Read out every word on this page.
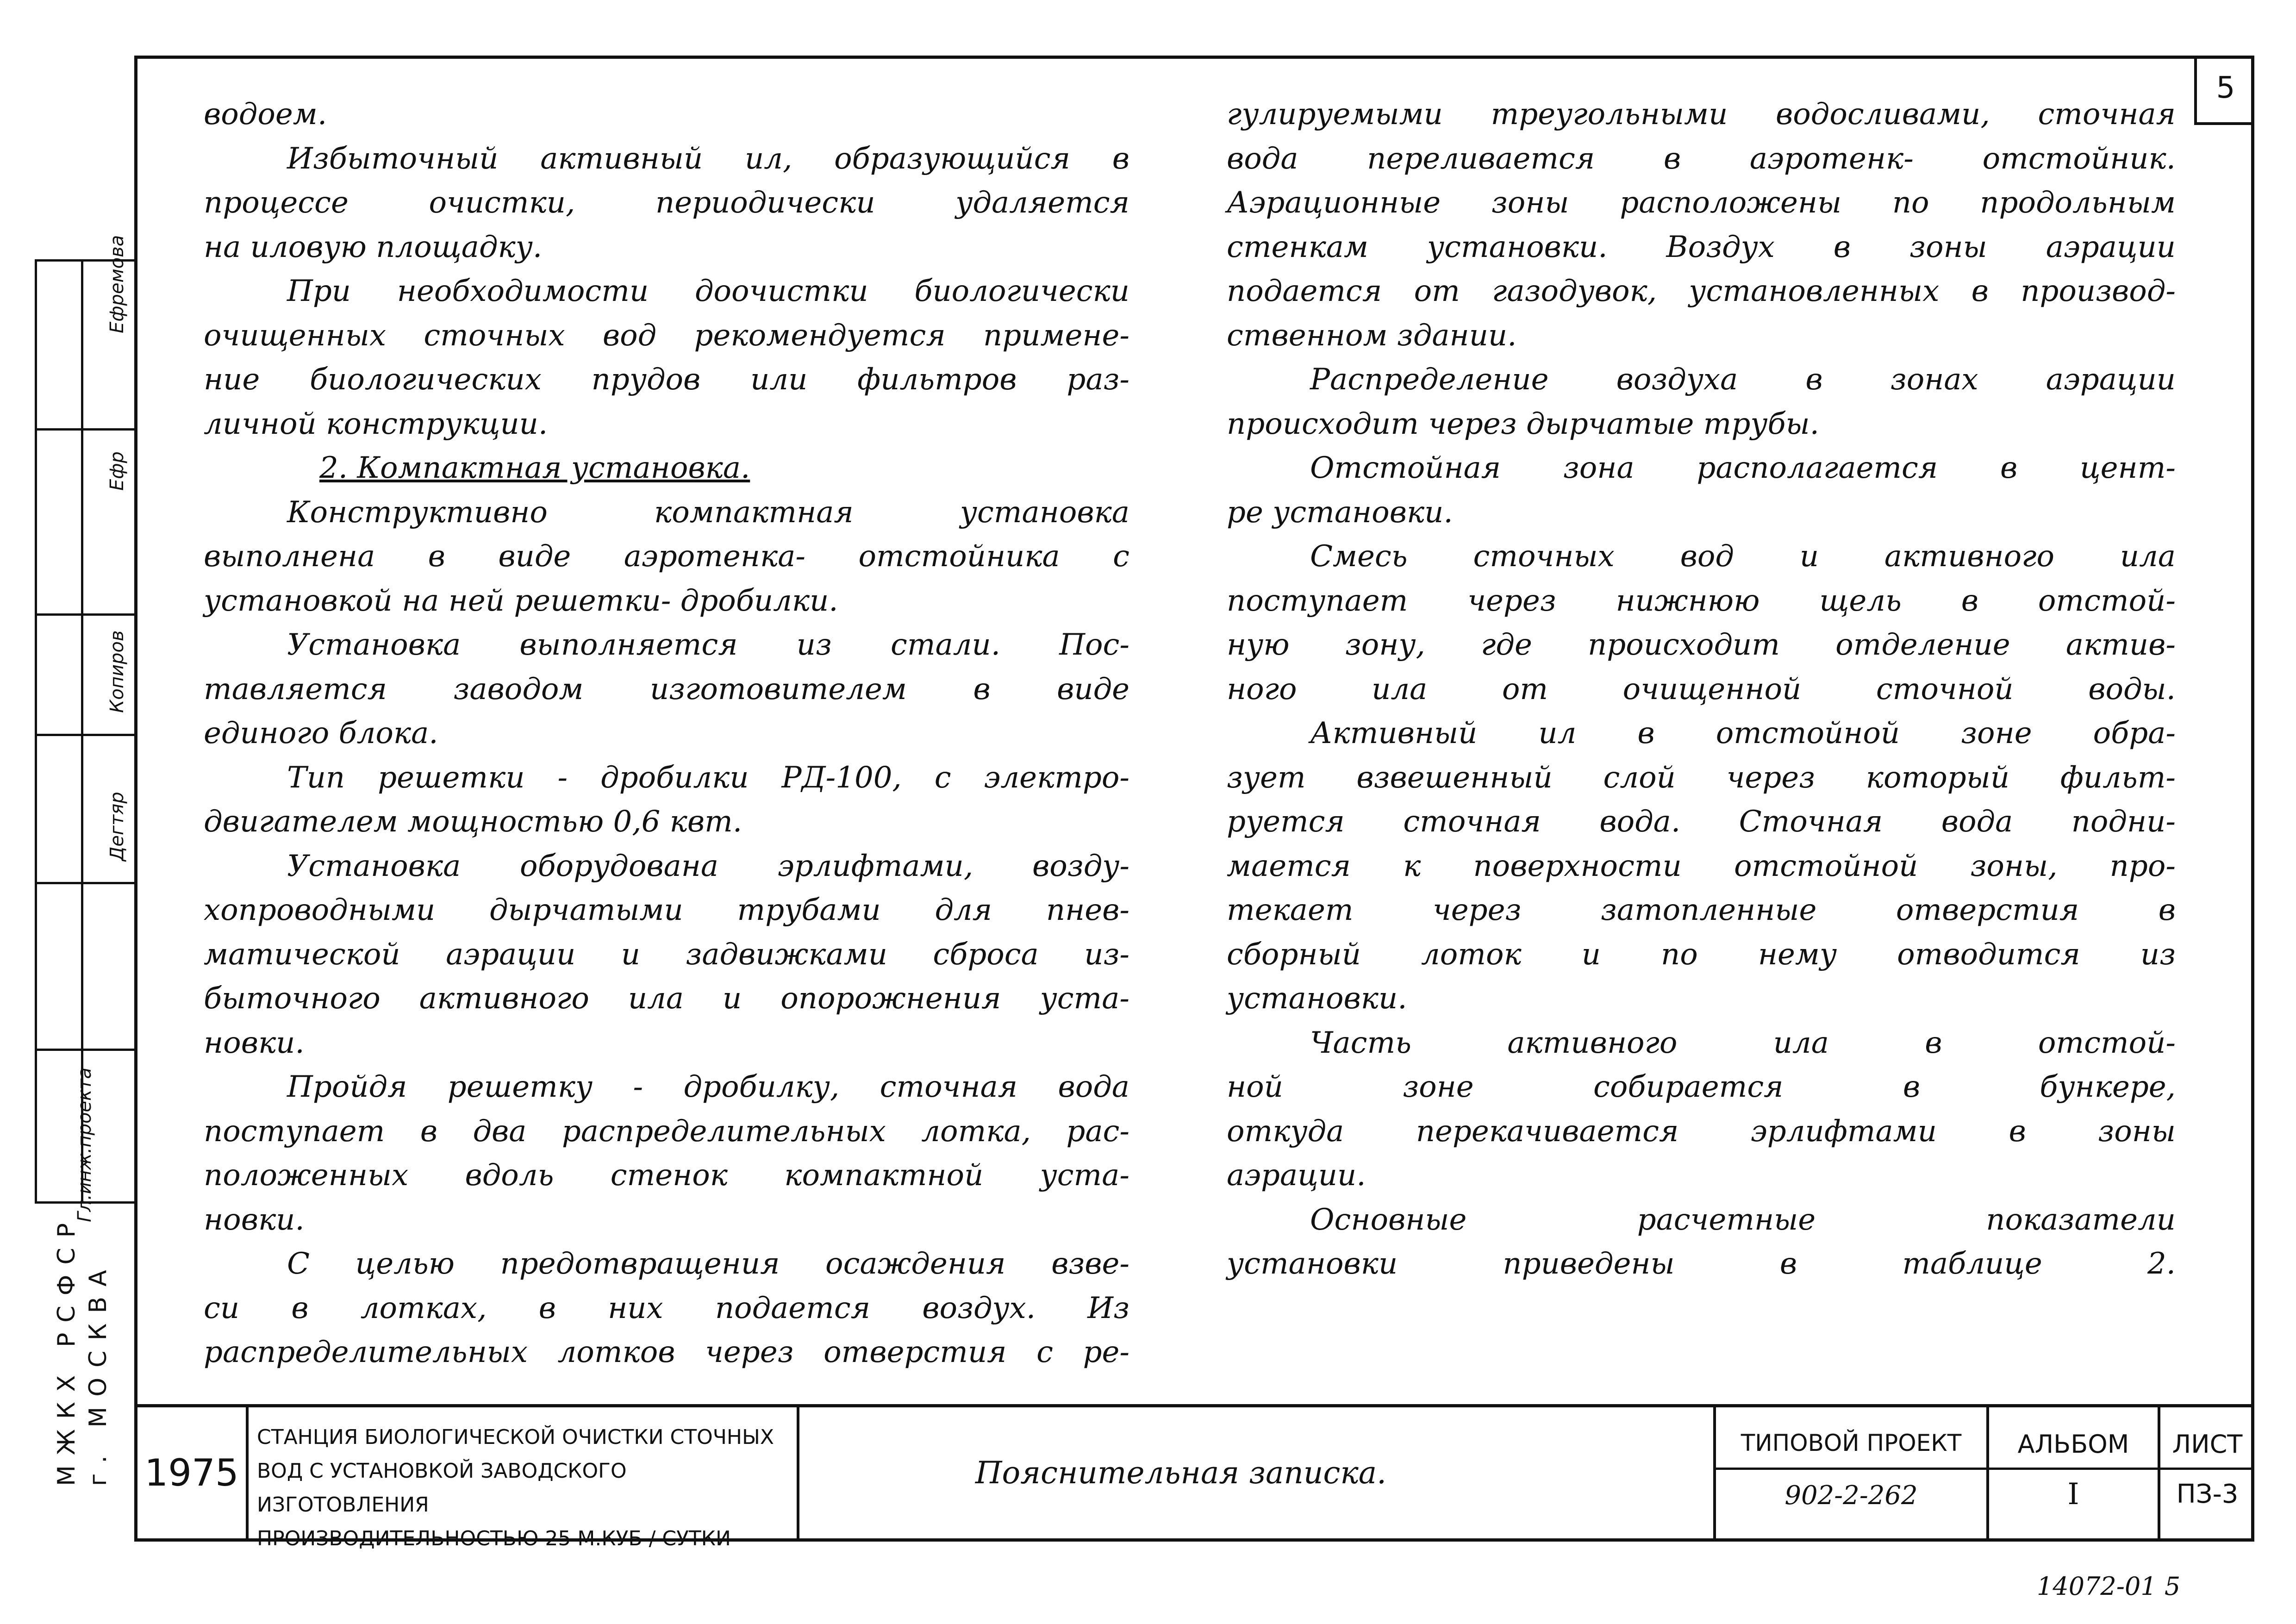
Ефремова
Ефр
Копиров
Дегтяр
Гл.инж.проекта
МЖКХ РСФСР г. МОСКВА
5

водоем.

Избыточный активный ил, образующийся в

процессе очистки, периодически удаляется

на иловую площадку.

При необходимости доочистки биологически

очищенных сточных вод рекомендуется примене-

ние биологических прудов или фильтров раз-

личной конструкции.

2. Компактная установка.

Конструктивно компактная установка

выполнена в виде аэротенка- отстойника с

установкой на ней решетки- дробилки.

Установка выполняется из стали. Пос-

тавляется заводом изготовителем в виде

единого блока.

Тип решетки - дробилки РД-100, с электро-

двигателем мощностью 0,6 квт.

Установка оборудована эрлифтами, возду-

хопроводными дырчатыми трубами для пнев-

матической аэрации и задвижками сброса из-

быточного активного ила и опорожнения уста-

новки.

Пройдя решетку - дробилку, сточная вода

поступает в два распределительных лотка, рас-

положенных вдоль стенок компактной уста-

новки.

С целью предотвращения осаждения взве-

си в лотках, в них подается воздух. Из

распределительных лотков через отверстия с ре-

гулируемыми треугольными водосливами, сточная

вода переливается в аэротенк- отстойник.

Аэрационные зоны расположены по продольным

стенкам установки. Воздух в зоны аэрации

подается от газодувок, установленных в производ-

ственном здании.

Распределение воздуха в зонах аэрации

происходит через дырчатые трубы.

Отстойная зона располагается в цент-

ре установки.

Смесь сточных вод и активного ила

поступает через нижнюю щель в отстой-

ную зону, где происходит отделение актив-

ного ила от очищенной сточной воды.

Активный ил в отстойной зоне обра-

зует взвешенный слой через который фильт-

руется сточная вода. Сточная вода подни-

мается к поверхности отстойной зоны, про-

текает через затопленные отверстия в

сборный лоток и по нему отводится из

установки.

Часть активного ила в отстой-

ной зоне собирается в бункере,

откуда перекачивается эрлифтами в зоны

аэрации.

Основные расчетные показатели

установки приведены в таблице 2.

1975
СТАНЦИЯ БИОЛОГИЧЕСКОЙ ОЧИСТКИ СТОЧНЫХ
ВОД С УСТАНОВКОЙ ЗАВОДСКОГО ИЗГОТОВЛЕНИЯ
ПРОИЗВОДИТЕЛЬНОСТЬЮ 25 М.КУБ / СУТКИ
Пояснительная записка.
ТИПОВОЙ ПРОЕКТ
902-2-262
АЛЬБОМ
I
ЛИСТ
ПЗ-3
14072-01 5
